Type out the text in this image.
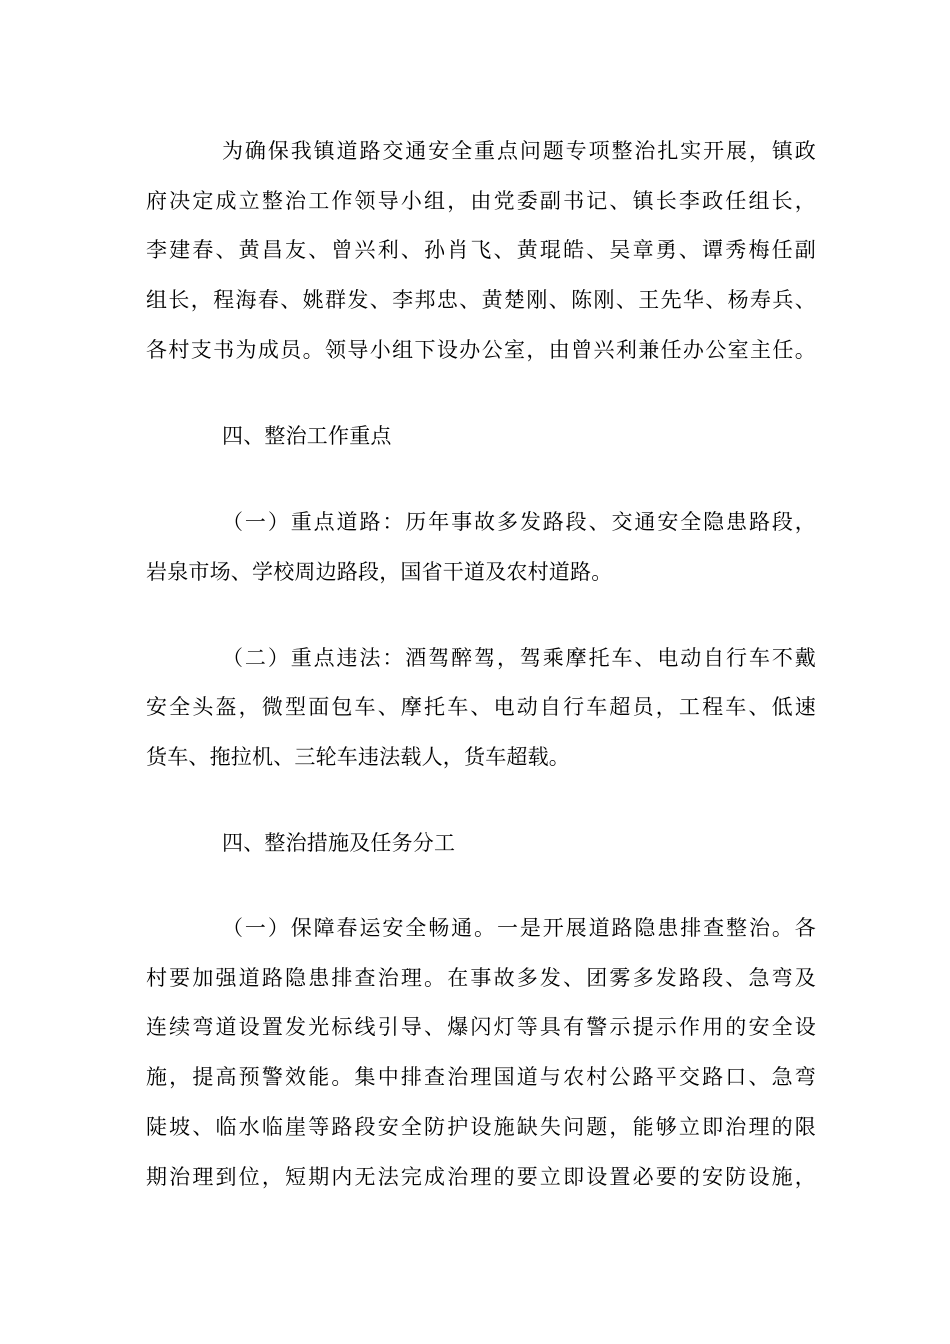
为确保我镇道路交通安全重点问题专项整治扎实开展，镇政
府决定成立整治工作领导小组，由党委副书记、镇长李政任组长，
李建春、黄昌友、曾兴利、孙肖飞、黄琨皓、吴章勇、谭秀梅任副
组长，程海春、姚群发、李邦忠、黄楚刚、陈刚、王先华、杨寿兵、
各村支书为成员。领导小组下设办公室，由曾兴利兼任办公室主任。
四、整治工作重点
（一）重点道路：历年事故多发路段、交通安全隐患路段，
岩泉市场、学校周边路段，国省干道及农村道路。
（二）重点违法：酒驾醉驾，驾乘摩托车、电动自行车不戴
安全头盔，微型面包车、摩托车、电动自行车超员，工程车、低速
货车、拖拉机、三轮车违法载人，货车超载。
四、整治措施及任务分工
（一）保障春运安全畅通。一是开展道路隐患排查整治。各
村要加强道路隐患排查治理。在事故多发、团雾多发路段、急弯及
连续弯道设置发光标线引导、爆闪灯等具有警示提示作用的安全设
施，提高预警效能。集中排查治理国道与农村公路平交路口、急弯
陡坡、临水临崖等路段安全防护设施缺失问题，能够立即治理的限
期治理到位，短期内无法完成治理的要立即设置必要的安防设施，
